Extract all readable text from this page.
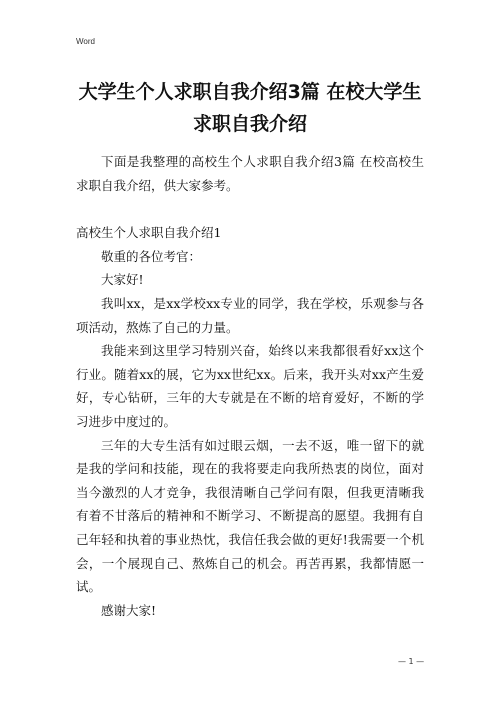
Word
大学生个人求职自我介绍3篇 在校大学生
求职自我介绍

下面是我整理的高校生个人求职自我介绍3篇 在校高校生求职自我介绍，供大家参考。

高校生个人求职自我介绍1

敬重的各位考官：

大家好!

我叫xx，是xx学校xx专业的同学，我在学校，乐观参与各项活动，熬炼了自己的力量。

我能来到这里学习特别兴奋，始终以来我都很看好xx这个行业。随着xx的展，它为xx世纪xx。后来，我开头对xx产生爱好，专心钻研，三年的大专就是在不断的培育爱好，不断的学习进步中度过的。

三年的大专生活有如过眼云烟，一去不返，唯一留下的就是我的学问和技能，现在的我将要走向我所热衷的岗位，面对当今激烈的人才竞争，我很清晰自己学问有限，但我更清晰我有着不甘落后的精神和不断学习、不断提高的愿望。我拥有自己年轻和执着的事业热忱，我信任我会做的更好!我需要一个机会，一个展现自己、熬炼自己的机会。再苦再累，我都情愿一试。

感谢大家!

— 1 —
